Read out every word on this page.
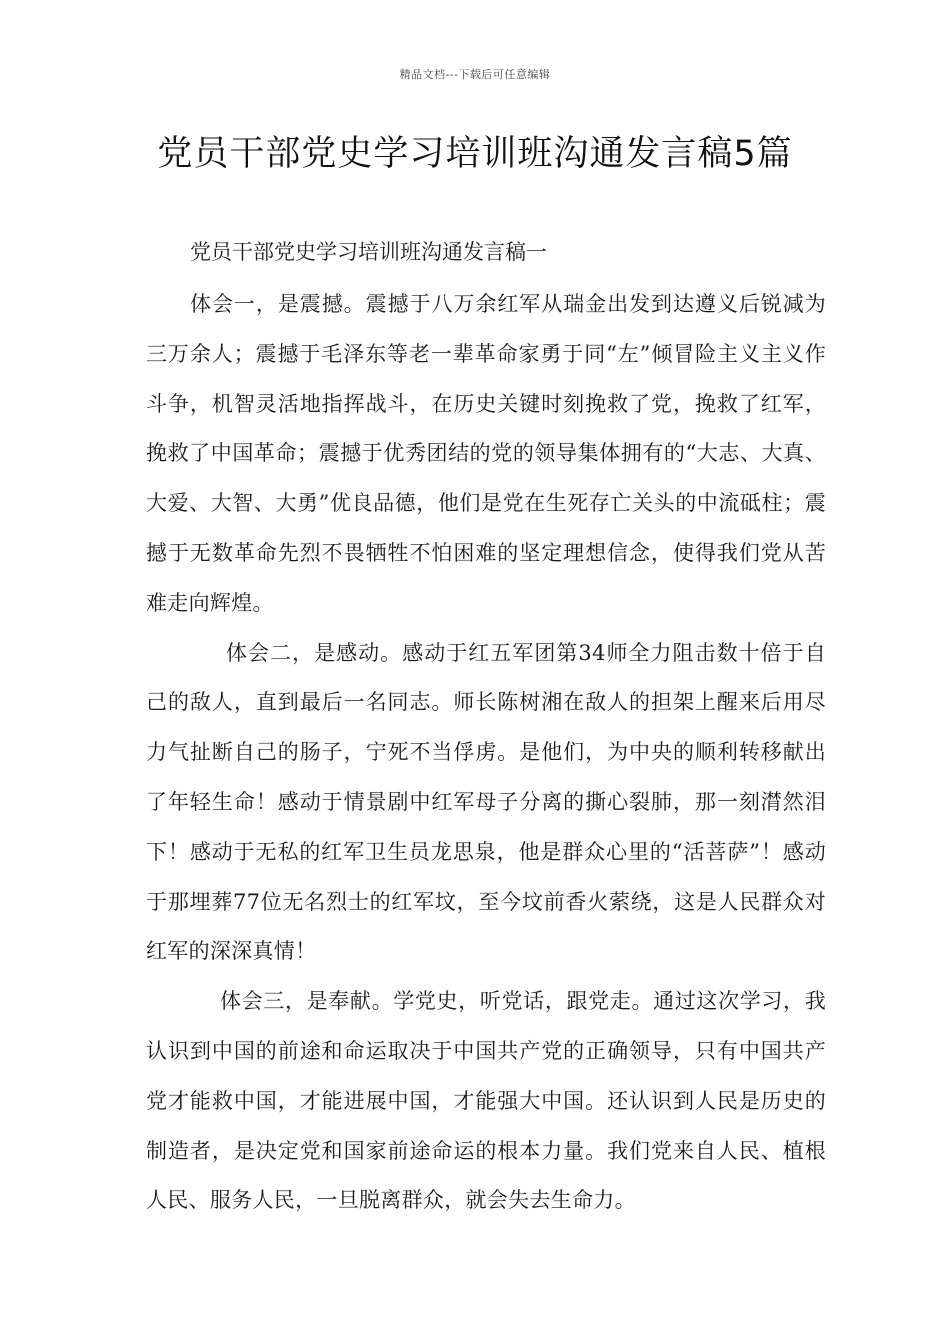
精品文档---下载后可任意编辑
党员干部党史学习培训班沟通发言稿5篇

党员干部党史学习培训班沟通发言稿一

体会一，是震撼。震撼于八万余红军从瑞金出发到达遵义后锐减为三万余人；震撼于毛泽东等老一辈革命家勇于同“左”倾冒险主义主义作斗争，机智灵活地指挥战斗，在历史关键时刻挽救了党，挽救了红军，挽救了中国革命；震撼于优秀团结的党的领导集体拥有的“大志、大真、大爱、大智、大勇”优良品德，他们是党在生死存亡关头的中流砥柱；震撼于无数革命先烈不畏牺牲不怕困难的坚定理想信念，使得我们党从苦难走向辉煌。

体会二，是感动。感动于红五军团第34师全力阻击数十倍于自己的敌人，直到最后一名同志。师长陈树湘在敌人的担架上醒来后用尽力气扯断自己的肠子，宁死不当俘虏。是他们，为中央的顺利转移献出了年轻生命！感动于情景剧中红军母子分离的撕心裂肺，那一刻潸然泪下！感动于无私的红军卫生员龙思泉，他是群众心里的“活菩萨”！感动于那埋葬77位无名烈士的红军坟，至今坟前香火萦绕，这是人民群众对红军的深深真情！

体会三，是奉献。学党史，听党话，跟党走。通过这次学习，我认识到中国的前途和命运取决于中国共产党的正确领导，只有中国共产党才能救中国，才能进展中国，才能强大中国。还认识到人民是历史的制造者，是决定党和国家前途命运的根本力量。我们党来自人民、植根人民、服务人民，一旦脱离群众，就会失去生命力。
